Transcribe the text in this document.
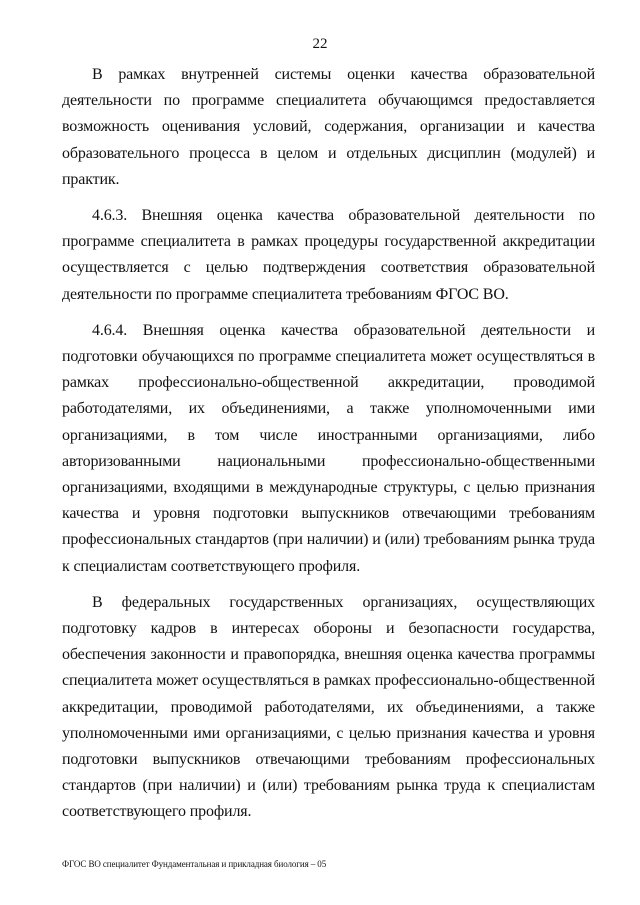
22

В рамках внутренней системы оценки качества образовательной деятельности по программе специалитета обучающимся предоставляется возможность оценивания условий, содержания, организации и качества образовательного процесса в целом и отдельных дисциплин (модулей) и практик.

4.6.3. Внешняя оценка качества образовательной деятельности по программе специалитета в рамках процедуры государственной аккредитации осуществляется с целью подтверждения соответствия образовательной деятельности по программе специалитета требованиям ФГОС ВО.

4.6.4. Внешняя оценка качества образовательной деятельности и подготовки обучающихся по программе специалитета может осуществляться в рамках профессионально-общественной аккредитации, проводимой работодателями, их объединениями, а также уполномоченными ими организациями, в том числе иностранными организациями, либо авторизованными национальными профессионально-общественными организациями, входящими в международные структуры, с целью признания качества и уровня подготовки выпускников отвечающими требованиям профессиональных стандартов (при наличии) и (или) требованиям рынка труда к специалистам соответствующего профиля.

В федеральных государственных организациях, осуществляющих подготовку кадров в интересах обороны и безопасности государства, обеспечения законности и правопорядка, внешняя оценка качества программы специалитета может осуществляться в рамках профессионально-общественной аккредитации, проводимой работодателями, их объединениями, а также уполномоченными ими организациями, с целью признания качества и уровня подготовки выпускников отвечающими требованиям профессиональных стандартов (при наличии) и (или) требованиям рынка труда к специалистам соответствующего профиля.

ФГОС ВО специалитет Фундаментальная и прикладная биология – 05
